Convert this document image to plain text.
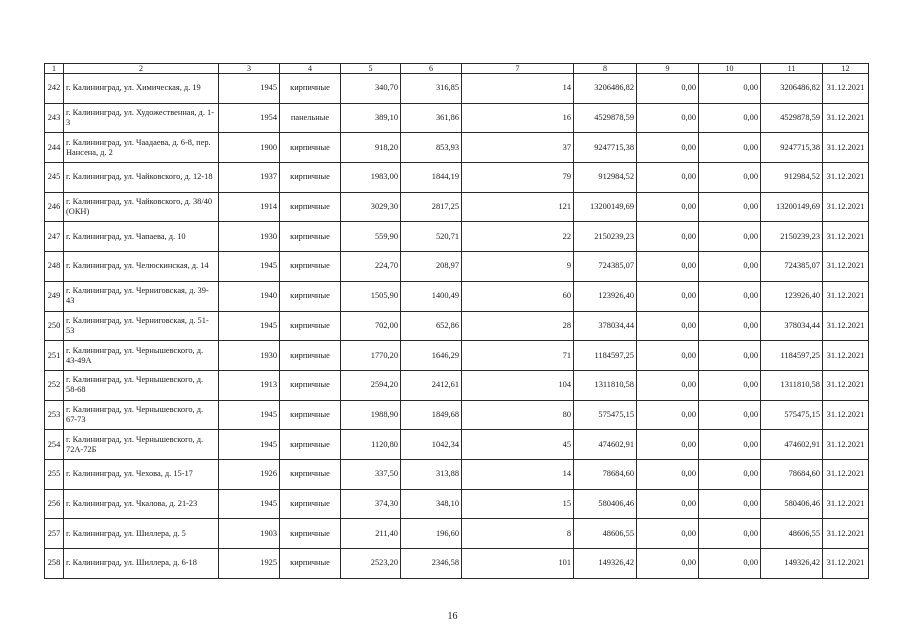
1	2	3	4	5	6	7	8	9	10	11	12
242	г. Калининград, ул. Химическая, д. 19	1945	кирпичные	340,70	316,85	14	3206486,82	0,00	0,00	3206486,82	31.12.2021
243	г. Калининград, ул. Художественная, д. 1-3	1954	панельные	389,10	361,86	16	4529878,59	0,00	0,00	4529878,59	31.12.2021
244	г. Калининград, ул. Чаадаева, д. 6-8, пер. Нансена, д. 2	1900	кирпичные	918,20	853,93	37	9247715,38	0,00	0,00	9247715,38	31.12.2021
245	г. Калининград, ул. Чайковского, д. 12-18	1937	кирпичные	1983,00	1844,19	79	912984,52	0,00	0,00	912984,52	31.12.2021
246	г. Калининград, ул. Чайковского, д. 38/40 (ОКН)	1914	кирпичные	3029,30	2817,25	121	13200149,69	0,00	0,00	13200149,69	31.12.2021
247	г. Калининград, ул. Чапаева, д. 10	1930	кирпичные	559,90	520,71	22	2150239,23	0,00	0,00	2150239,23	31.12.2021
248	г. Калининград, ул. Челюскинская, д. 14	1945	кирпичные	224,70	208,97	9	724385,07	0,00	0,00	724385,07	31.12.2021
249	г. Калининград, ул. Черниговская, д. 39-43	1940	кирпичные	1505,90	1400,49	60	123926,40	0,00	0,00	123926,40	31.12.2021
250	г. Калининград, ул. Черниговская, д. 51-53	1945	кирпичные	702,00	652,86	28	378034,44	0,00	0,00	378034,44	31.12.2021
251	г. Калининград, ул. Чернышевского, д. 43-49А	1930	кирпичные	1770,20	1646,29	71	1184597,25	0,00	0,00	1184597,25	31.12.2021
252	г. Калининград, ул. Чернышевского, д. 58-68	1913	кирпичные	2594,20	2412,61	104	1311810,58	0,00	0,00	1311810,58	31.12.2021
253	г. Калининград, ул. Чернышевского, д. 67-73	1945	кирпичные	1988,90	1849,68	80	575475,15	0,00	0,00	575475,15	31.12.2021
254	г. Калининград, ул. Чернышевского, д. 72А-72Б	1945	кирпичные	1120,80	1042,34	45	474602,91	0,00	0,00	474602,91	31.12.2021
255	г. Калининград, ул. Чехова, д. 15-17	1926	кирпичные	337,50	313,88	14	78684,60	0,00	0,00	78684,60	31.12.2021
256	г. Калининград, ул. Чкалова, д. 21-23	1945	кирпичные	374,30	348,10	15	580406,46	0,00	0,00	580406,46	31.12.2021
257	г. Калининград, ул. Шиллера, д. 5	1903	кирпичные	211,40	196,60	8	48606,55	0,00	0,00	48606,55	31.12.2021
258	г. Калининград, ул. Шиллера, д. 6-18	1925	кирпичные	2523,20	2346,58	101	149326,42	0,00	0,00	149326,42	31.12.2021
16
